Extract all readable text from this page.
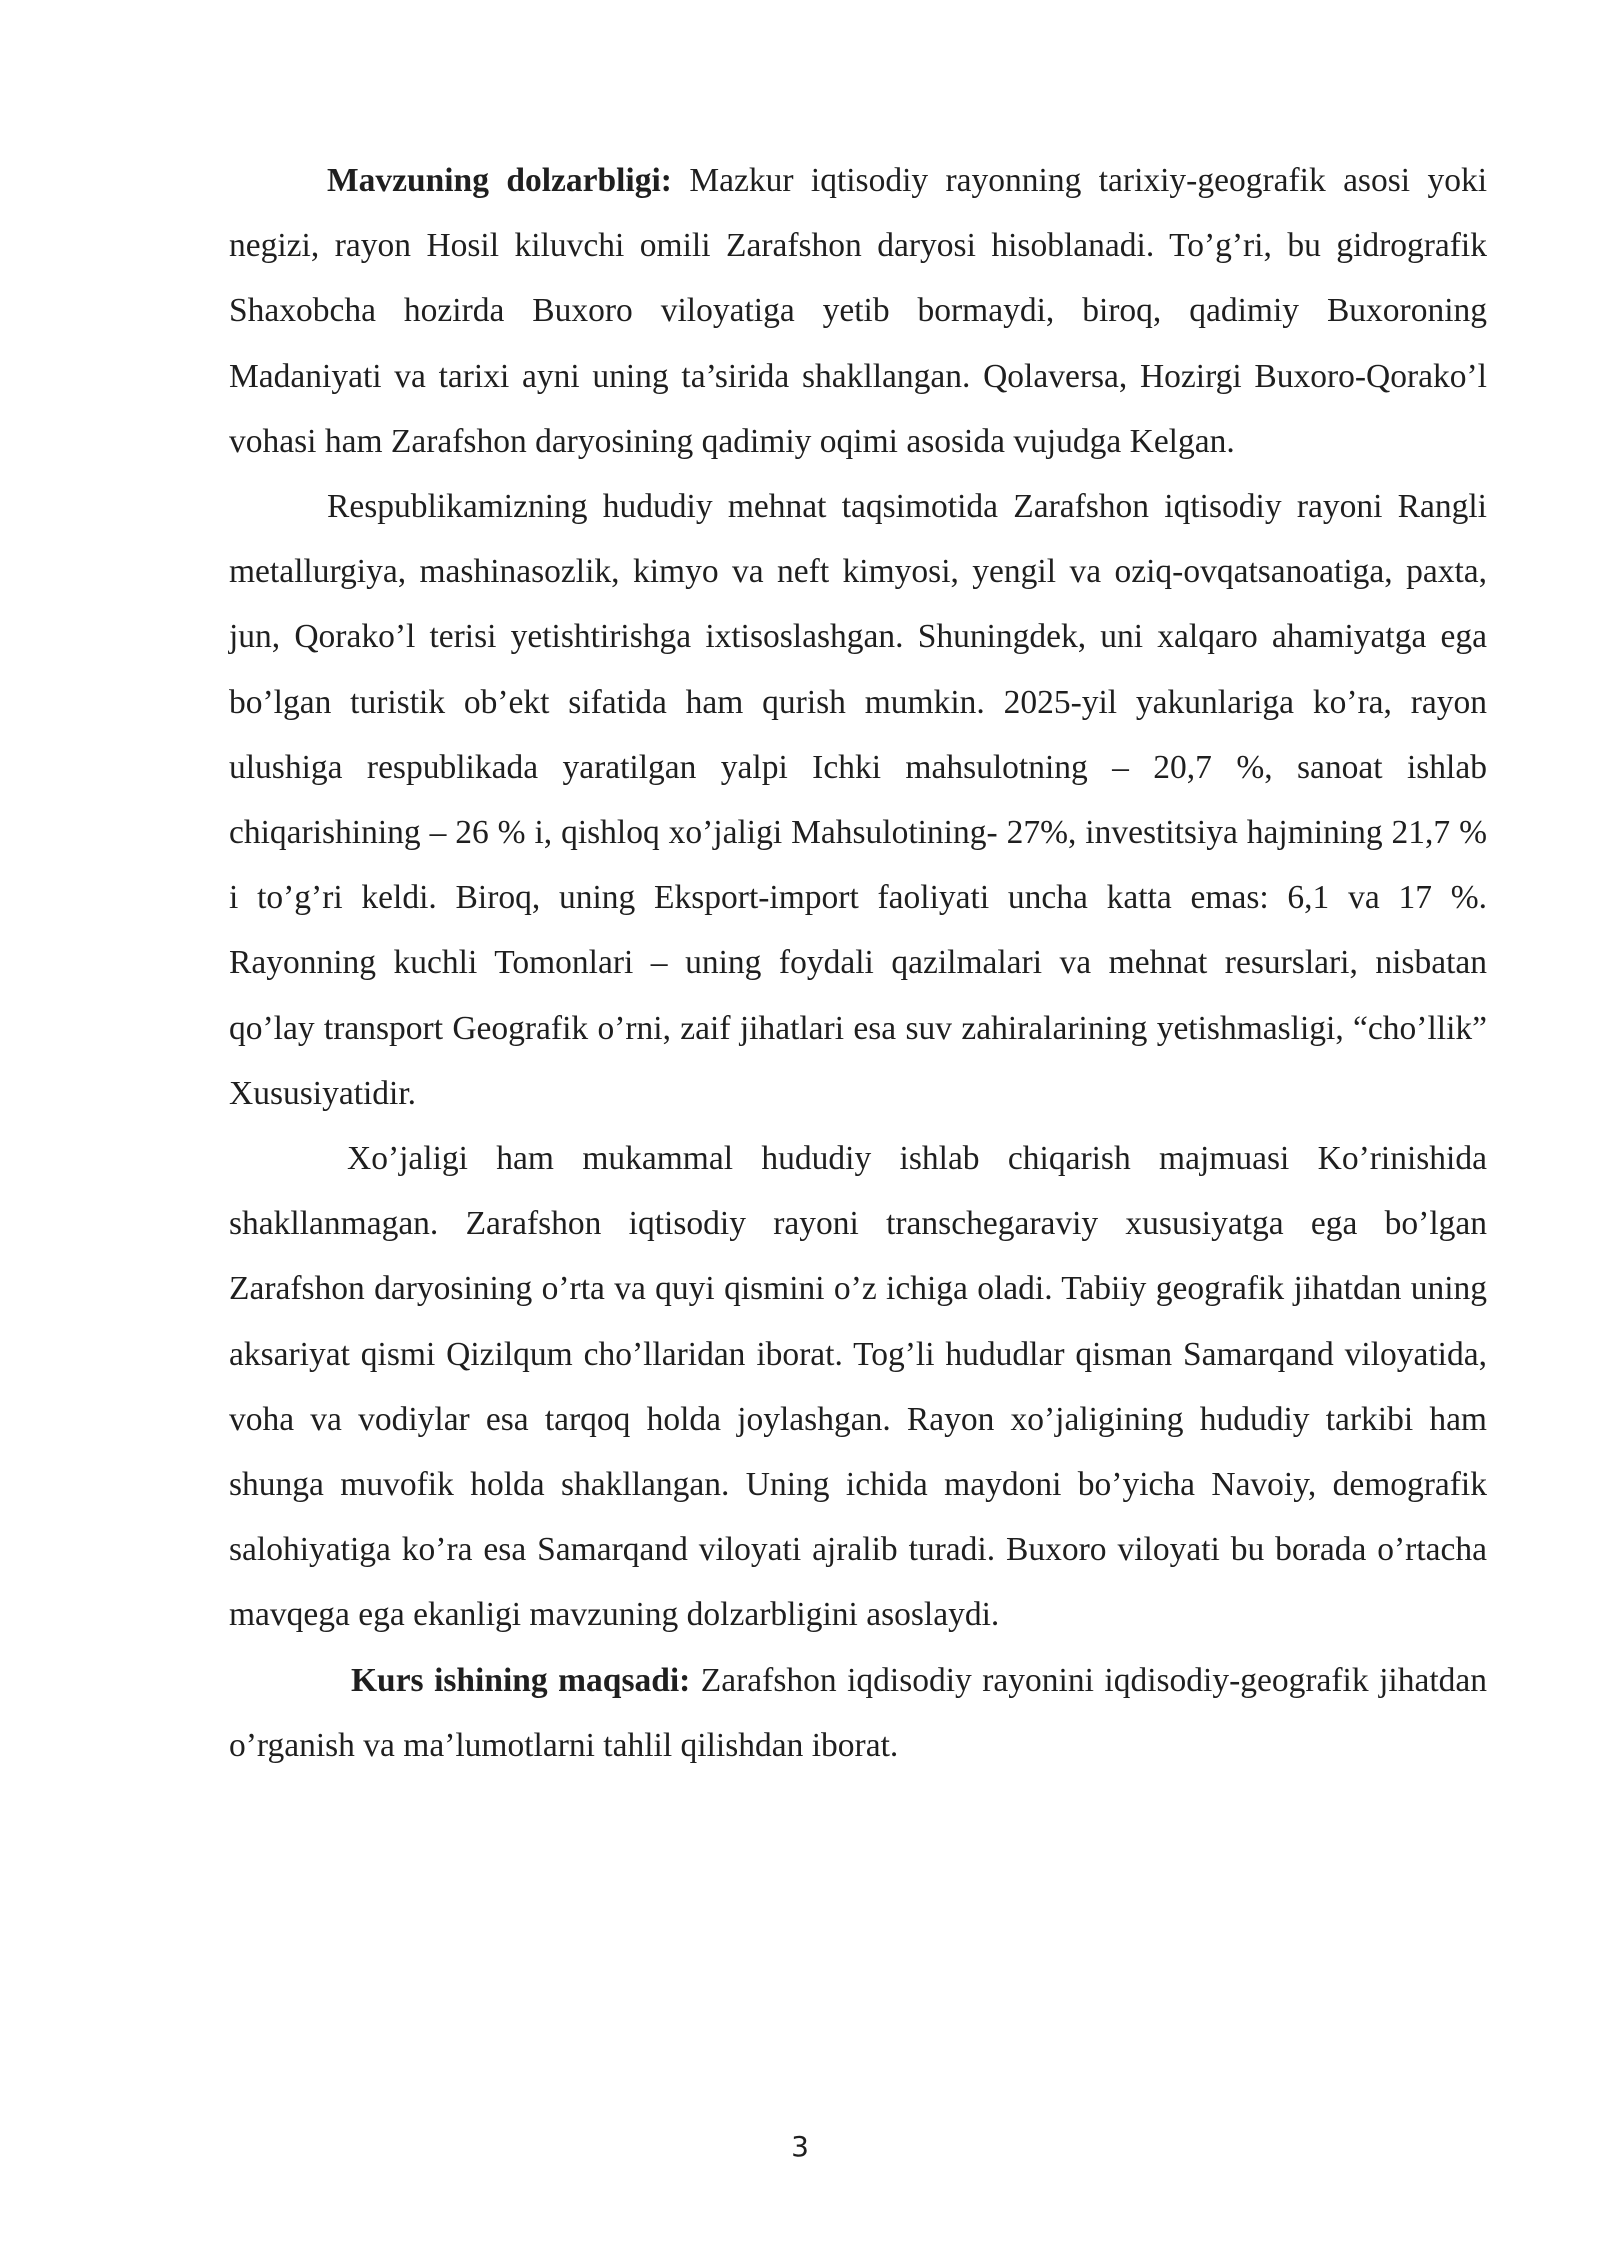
Mavzuning dolzarbligi: Mazkur iqtisodiy rayonning tarixiy-geografik asosi yoki negizi, rayon Hosil kiluvchi omili Zarafshon daryosi hisoblanadi. To’g’ri, bu gidrografik Shaxobcha hozirda Buxoro viloyatiga yetib bormaydi, biroq, qadimiy Buxoroning Madaniyati va tarixi ayni uning ta’sirida shakllangan. Qolaversa, Hozirgi Buxoro-Qorako’l vohasi ham Zarafshon daryosining qadimiy oqimi asosida vujudga Kelgan.

Respublikamizning hududiy mehnat taqsimotida Zarafshon iqtisodiy rayoni Rangli metallurgiya, mashinasozlik, kimyo va neft kimyosi, yengil va oziq-ovqatsanoatiga, paxta, jun, Qorako’l terisi yetishtirishga ixtisoslashgan. Shuningdek, uni xalqaro ahamiyatga ega bo’lgan turistik ob’ekt sifatida ham qurish mumkin. 2025-yil yakunlariga ko’ra, rayon ulushiga respublikada yaratilgan yalpi Ichki mahsulotning – 20,7 %, sanoat ishlab chiqarishining – 26 % i, qishloq xo’jaligi Mahsulotining- 27%, investitsiya hajmining 21,7 % i to’g’ri keldi. Biroq, uning Eksport-import faoliyati uncha katta emas: 6,1 va 17 %. Rayonning kuchli Tomonlari – uning foydali qazilmalari va mehnat resurslari, nisbatan qo’lay transport Geografik o’rni, zaif jihatlari esa suv zahiralarining yetishmasligi, “cho’llik” Xususiyatidir.

Xo’jaligi ham mukammal hududiy ishlab chiqarish majmuasi Ko’rinishida shakllanmagan. Zarafshon iqtisodiy rayoni transchegaraviy xususiyatga ega bo’lgan Zarafshon daryosining o’rta va quyi qismini o’z ichiga oladi. Tabiiy geografik jihatdan uning aksariyat qismi Qizilqum cho’llaridan iborat. Tog’li hududlar qisman Samarqand viloyatida, voha va vodiylar esa tarqoq holda joylashgan. Rayon xo’jaligining hududiy tarkibi ham shunga muvofik holda shakllangan. Uning ichida maydoni bo’yicha Navoiy, demografik salohiyatiga ko’ra esa Samarqand viloyati ajralib turadi. Buxoro viloyati bu borada o’rtacha mavqega ega ekanligi mavzuning dolzarbligini asoslaydi.

Kurs ishining maqsadi: Zarafshon iqdisodiy rayonini iqdisodiy-geografik jihatdan o’rganish va ma’lumotlarni tahlil qilishdan iborat.

3
